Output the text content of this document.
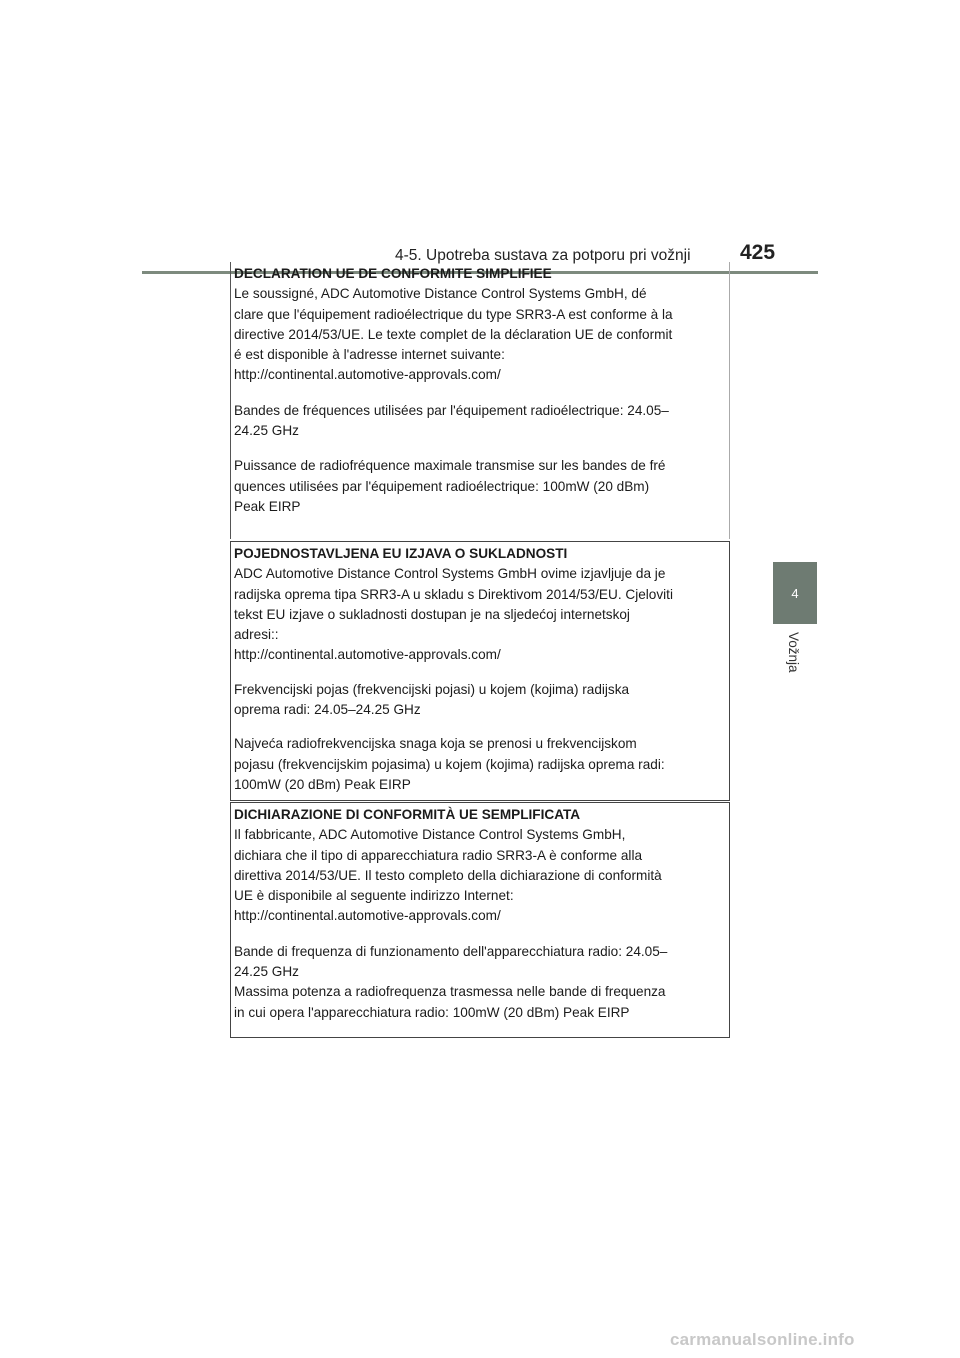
4-5. Upotreba sustava za potporu pri vožnji 425
4
Vožnja
DECLARATION UE DE CONFORMITE SIMPLIFIEE
Le soussigné, ADC Automotive Distance Control Systems GmbH, dé
clare que l'équipement radioélectrique du type SRR3-A est conforme à la
directive 2014/53/UE. Le texte complet de la déclaration UE de conformit
é est disponible à l'adresse internet suivante:
http://continental.automotive-approvals.com/
Bandes de fréquences utilisées par l'équipement radioélectrique: 24.05–
24.25 GHz
Puissance de radiofréquence maximale transmise sur les bandes de fré
quences utilisées par l'équipement radioélectrique: 100mW (20 dBm)
Peak EIRP
POJEDNOSTAVLJENA EU IZJAVA O SUKLADNOSTI
ADC Automotive Distance Control Systems GmbH ovime izjavljuje da je
radijska oprema tipa SRR3-A u skladu s Direktivom 2014/53/EU. Cjeloviti
tekst EU izjave o sukladnosti dostupan je na sljedećoj internetskoj
adresi::
http://continental.automotive-approvals.com/
Frekvencijski pojas (frekvencijski pojasi) u kojem (kojima) radijska
oprema radi: 24.05–24.25 GHz
Najveća radiofrekvencijska snaga koja se prenosi u frekvencijskom
pojasu (frekvencijskim pojasima) u kojem (kojima) radijska oprema radi:
100mW (20 dBm) Peak EIRP
DICHIARAZIONE DI CONFORMITÀ UE SEMPLIFICATA
Il fabbricante, ADC Automotive Distance Control Systems GmbH,
dichiara che il tipo di apparecchiatura radio SRR3-A è conforme alla
direttiva 2014/53/UE. Il testo completo della dichiarazione di conformità
UE è disponibile al seguente indirizzo Internet:
http://continental.automotive-approvals.com/
Bande di frequenza di funzionamento dell'apparecchiatura radio: 24.05–
24.25 GHz
Massima potenza a radiofrequenza trasmessa nelle bande di frequenza
in cui opera l'apparecchiatura radio: 100mW (20 dBm) Peak EIRP
carmanualsonline.info
